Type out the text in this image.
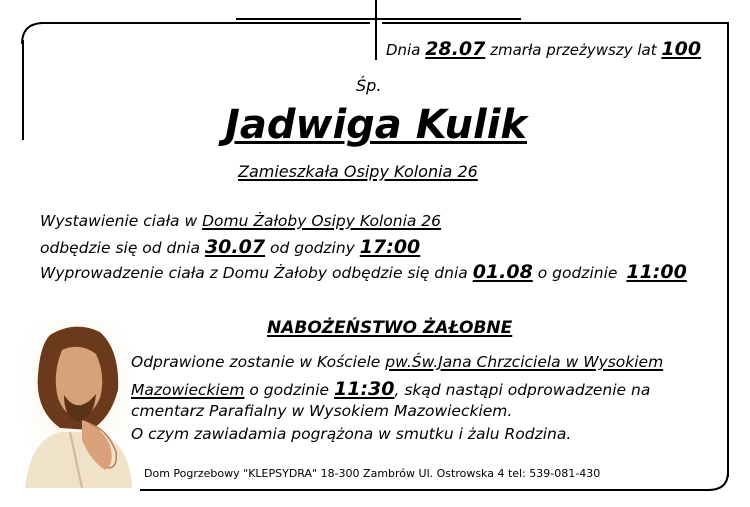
Dnia 28.07 zmarła przeżywszy lat 100
Śp.
Jadwiga Kulik
Zamieszkała Osipy Kolonia 26
Wystawienie ciała w Domu Żałoby Osipy Kolonia 26
odbędzie się od dnia 30.07 od godziny 17:00
Wyprowadzenie ciała z Domu Żałoby odbędzie się dnia 01.08 o godzinie 11:00
NABOŻEŃSTWO ŻAŁOBNE
Odprawione zostanie w Kościele pw.Św.Jana Chrzciciela w Wysokiem
Mazowieckiem o godzinie 11:30, skąd nastąpi odprowadzenie na
cmentarz Parafialny w Wysokiem Mazowieckiem.
O czym zawiadamia pogrążona w smutku i żalu Rodzina.
Dom Pogrzebowy "KLEPSYDRA" 18-300 Zambrów Ul. Ostrowska 4 tel: 539-081-430
